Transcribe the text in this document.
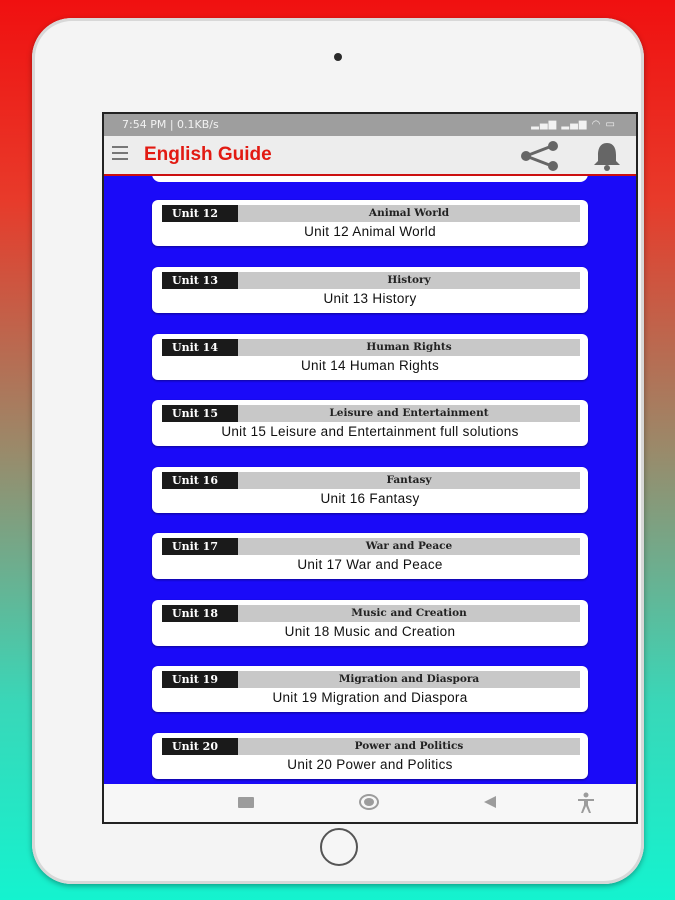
7:54 PM | 0.1KB/s	▂▄▆ ▂▄▆ ◠ ▭
English Guide
Unit 12	Animal World
Unit 12 Animal World
Unit 13	History
Unit 13 History
Unit 14	Human Rights
Unit 14 Human Rights
Unit 15	Leisure and Entertainment
Unit 15 Leisure and Entertainment full solutions
Unit 16	Fantasy
Unit 16 Fantasy
Unit 17	War and Peace
Unit 17 War and Peace
Unit 18	Music and Creation
Unit 18 Music and Creation
Unit 19	Migration and Diaspora
Unit 19 Migration and Diaspora
Unit 20	Power and Politics
Unit 20 Power and Politics
